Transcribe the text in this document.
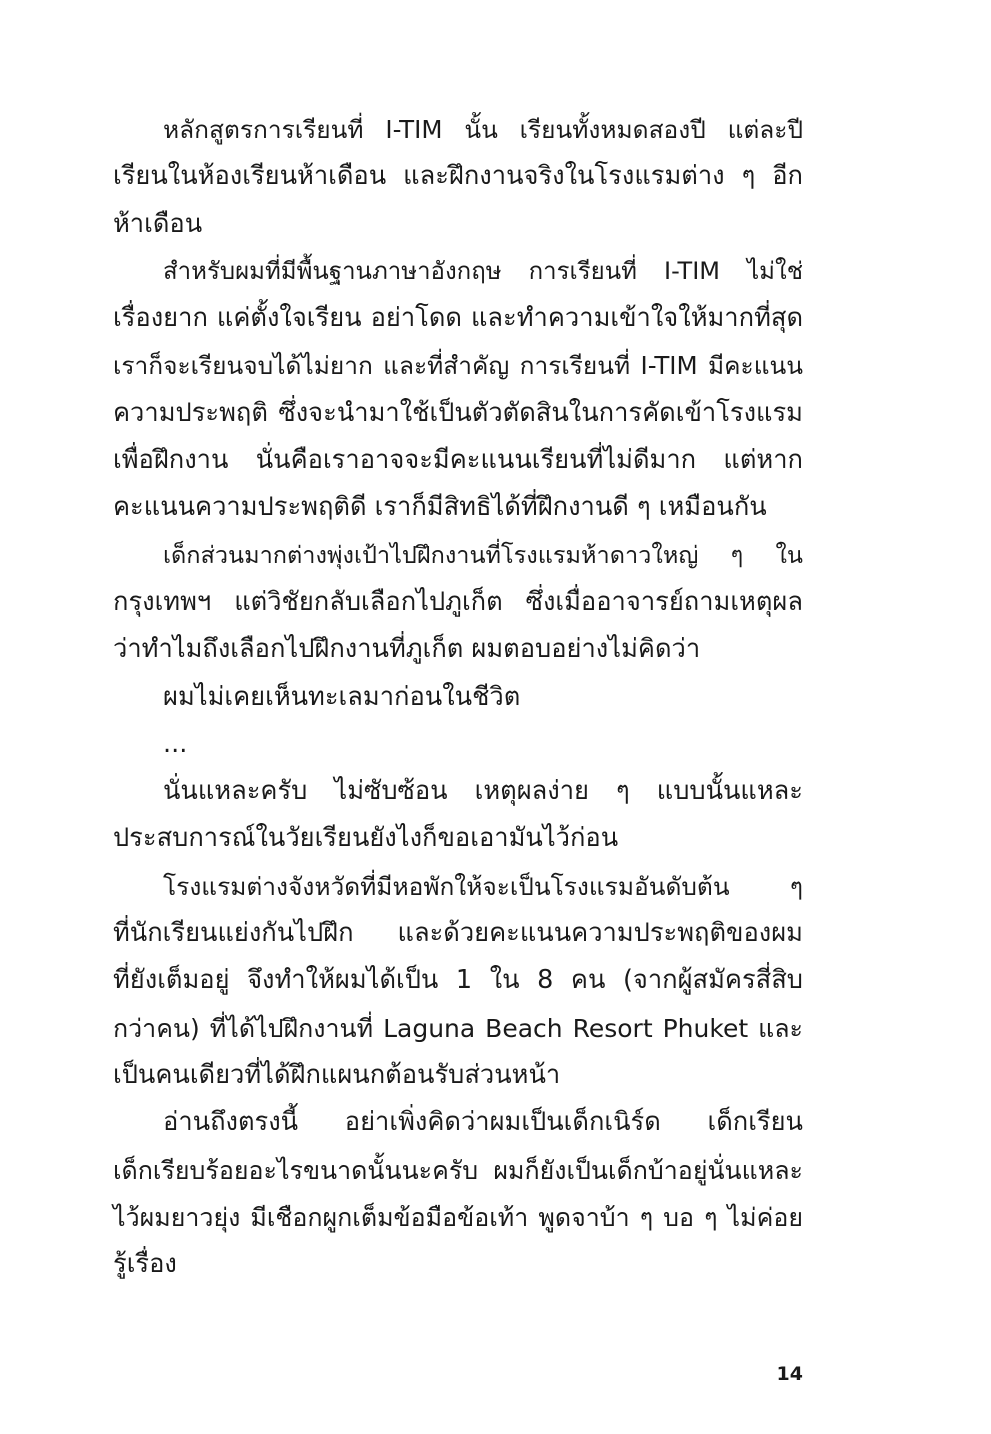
หลักสูตรการเรียนที่ I-TIM นั้น เรียนทั้งหมดสองปี แต่ละปี
เรียนในห้องเรียนห้าเดือน และฝึกงานจริงในโรงแรมต่าง ๆ อีก
ห้าเดือน

สำหรับผมที่มีพื้นฐานภาษาอังกฤษ การเรียนที่ I-TIM ไม่ใช่
เรื่องยาก แค่ตั้งใจเรียน อย่าโดด และทำความเข้าใจให้มากที่สุด
เราก็จะเรียนจบได้ไม่ยาก และที่สำคัญ การเรียนที่ I-TIM มีคะแนน
ความประพฤติ ซึ่งจะนำมาใช้เป็นตัวตัดสินในการคัดเข้าโรงแรม
เพื่อฝึกงาน นั่นคือเราอาจจะมีคะแนนเรียนที่ไม่ดีมาก แต่หาก
คะแนนความประพฤติดี เราก็มีสิทธิได้ที่ฝึกงานดี ๆ เหมือนกัน

เด็กส่วนมากต่างพุ่งเป้าไปฝึกงานที่โรงแรมห้าดาวใหญ่ ๆ ใน
กรุงเทพฯ แต่วิชัยกลับเลือกไปภูเก็ต ซึ่งเมื่ออาจารย์ถามเหตุผล
ว่าทำไมถึงเลือกไปฝึกงานที่ภูเก็ต ผมตอบอย่างไม่คิดว่า

ผมไม่เคยเห็นทะเลมาก่อนในชีวิต

...

นั่นแหละครับ ไม่ซับซ้อน เหตุผลง่าย ๆ แบบนั้นแหละ
ประสบการณ์ในวัยเรียนยังไงก็ขอเอามันไว้ก่อน

โรงแรมต่างจังหวัดที่มีหอพักให้จะเป็นโรงแรมอันดับต้น ๆ
ที่นักเรียนแย่งกันไปฝึก และด้วยคะแนนความประพฤติของผม
ที่ยังเต็มอยู่ จึงทำให้ผมได้เป็น 1 ใน 8 คน (จากผู้สมัครสี่สิบ
กว่าคน) ที่ได้ไปฝึกงานที่ Laguna Beach Resort Phuket และ
เป็นคนเดียวที่ได้ฝึกแผนกต้อนรับส่วนหน้า

อ่านถึงตรงนี้ อย่าเพิ่งคิดว่าผมเป็นเด็กเนิร์ด เด็กเรียน
เด็กเรียบร้อยอะไรขนาดนั้นนะครับ ผมก็ยังเป็นเด็กบ้าอยู่นั่นแหละ
ไว้ผมยาวยุ่ง มีเชือกผูกเต็มข้อมือข้อเท้า พูดจาบ้า ๆ บอ ๆ ไม่ค่อย
รู้เรื่อง

14
